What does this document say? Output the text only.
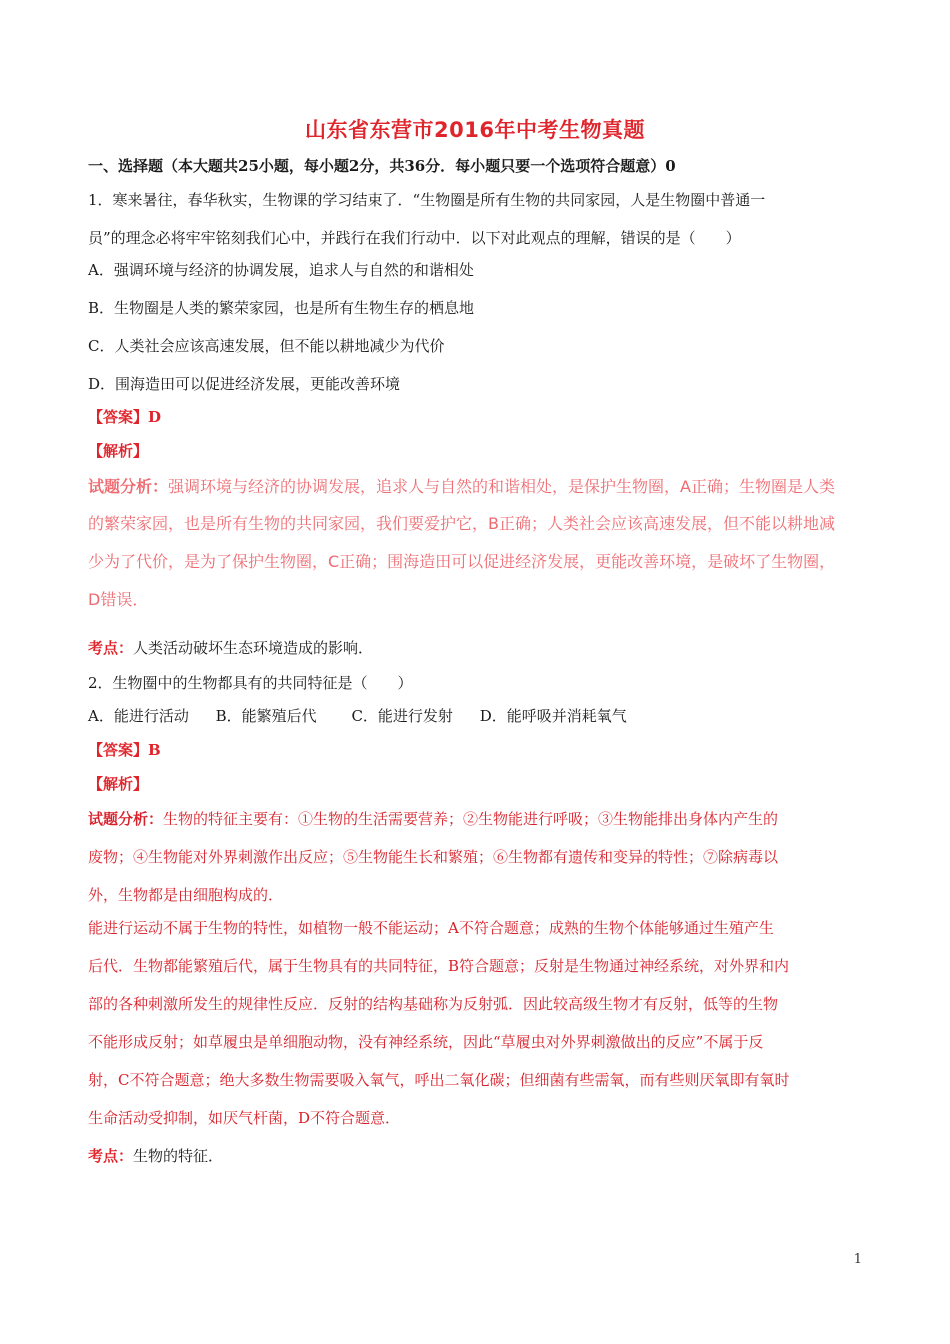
山东省东营市2016年中考生物真题
一、选择题（本大题共25小题，每小题2分，共36分．每小题只要一个选项符合题意）0
1．寒来暑往，春华秋实，生物课的学习结束了．“生物圈是所有生物的共同家园，人是生物圈中普通一
员”的理念必将牢牢铭刻我们心中，并践行在我们行动中．以下对此观点的理解，错误的是（　　）
A．强调环境与经济的协调发展，追求人与自然的和谐相处
B．生物圈是人类的繁荣家园，也是所有生物生存的栖息地
C．人类社会应该高速发展，但不能以耕地减少为代价
D．围海造田可以促进经济发展，更能改善环境
【答案】D
【解析】
试题分析：强调环境与经济的协调发展，追求人与自然的和谐相处，是保护生物圈，A正确；生物圈是人类
的繁荣家园，也是所有生物的共同家园，我们要爱护它，B正确；人类社会应该高速发展，但不能以耕地减
少为了代价，是为了保护生物圈，C正确；围海造田可以促进经济发展，更能改善环境，是破坏了生物圈，
D错误．
考点：人类活动破坏生态环境造成的影响．
2．生物圈中的生物都具有的共同特征是（　　）
A．能进行活动 B．能繁殖后代 C．能进行发射 D．能呼吸并消耗氧气
【答案】B
【解析】
试题分析：生物的特征主要有：①生物的生活需要营养；②生物能进行呼吸；③生物能排出身体内产生的
废物；④生物能对外界刺激作出反应；⑤生物能生长和繁殖；⑥生物都有遗传和变异的特性；⑦除病毒以
外，生物都是由细胞构成的．
能进行运动不属于生物的特性，如植物一般不能运动；A不符合题意；成熟的生物个体能够通过生殖产生
后代．生物都能繁殖后代，属于生物具有的共同特征，B符合题意；反射是生物通过神经系统，对外界和内
部的各种刺激所发生的规律性反应．反射的结构基础称为反射弧．因此较高级生物才有反射，低等的生物
不能形成反射；如草履虫是单细胞动物，没有神经系统，因此“草履虫对外界刺激做出的反应”不属于反
射，C不符合题意；绝大多数生物需要吸入氧气，呼出二氧化碳；但细菌有些需氧，而有些则厌氧即有氧时
生命活动受抑制，如厌气杆菌，D不符合题意．
考点：生物的特征．
1
